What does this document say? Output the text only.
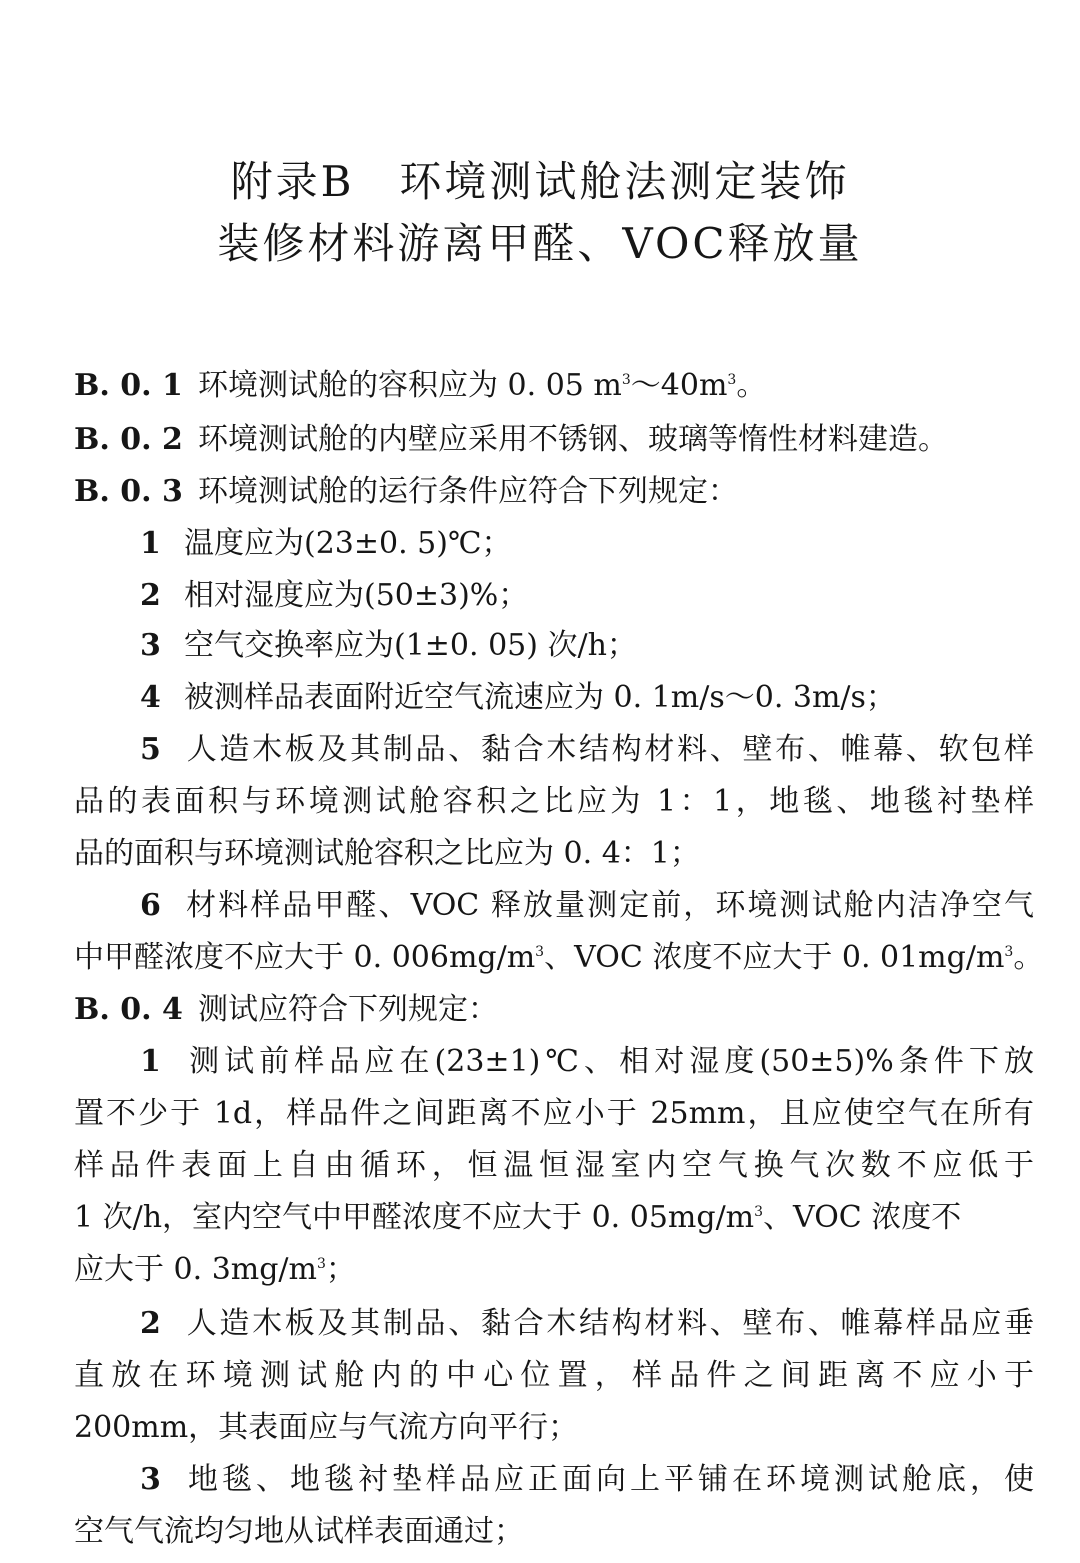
附录B　环境测试舱法测定装饰
装修材料游离甲醛、VOC释放量
B. 0. 1 环境测试舱的容积应为 0. 05 $m^3\sim 40m^3$。
B. 0. 2 环境测试舱的内壁应采用不锈钢、玻璃等惰性材料建造。
B. 0. 3 环境测试舱的运行条件应符合下列规定：
1 温度应为(23±0. 5)℃；
2 相对湿度应为(50±3)%；
3 空气交换率应为(1±0. 05) 次/h；
4 被测样品表面附近空气流速应为 0. 1m/s～0. 3m/s；
5 人造木板及其制品、黏合木结构材料、壁布、帷幕、软包样
品的表面积与环境测试舱容积之比应为 1：1，地毯、地毯衬垫样
品的面积与环境测试舱容积之比应为 0. 4：1；
6 材料样品甲醛、VOC 释放量测定前，环境测试舱内洁净空气
中甲醛浓度不应大于 0. $006mg/m^3$、VOC 浓度不应大于 0. $01mg/m^3$。
B. 0. 4 测试应符合下列规定：
1 测试前样品应在(23±1)℃、相对湿度(50±5)%条件下放
置不少于 1d，样品件之间距离不应小于 25mm，且应使空气在所有
样品件表面上自由循环，恒温恒湿室内空气换气次数不应低于
1 次/h，室内空气中甲醛浓度不应大于 0. $05mg/m^3$、VOC 浓度不
应大于 0. $3mg/m^3$；
2 人造木板及其制品、黏合木结构材料、壁布、帷幕样品应垂
直放在环境测试舱内的中心位置，样品件之间距离不应小于
200mm，其表面应与气流方向平行；
3 地毯、地毯衬垫样品应正面向上平铺在环境测试舱底，使
空气气流均匀地从试样表面通过；
